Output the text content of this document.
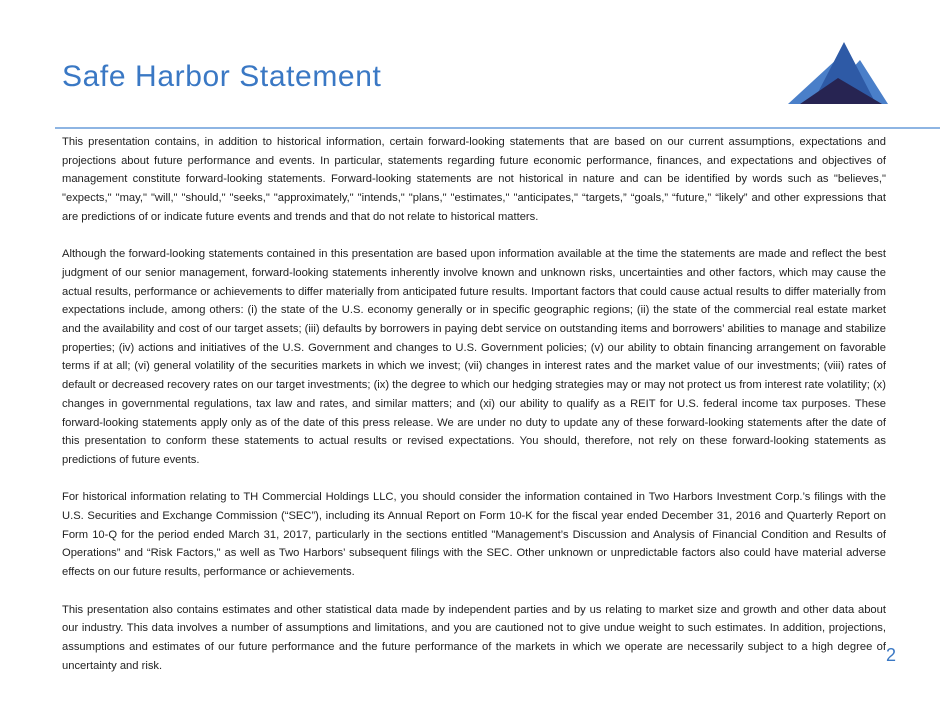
Safe Harbor Statement

This presentation contains, in addition to historical information, certain forward-looking statements that are based on our current assumptions, expectations and projections about future performance and events. In particular, statements regarding future economic performance, finances, and expectations and objectives of management constitute forward-looking statements. Forward-looking statements are not historical in nature and can be identified by words such as "believes," "expects," "may," "will," "should," "seeks," "approximately," "intends," "plans," "estimates," "anticipates," “targets,” “goals,” “future,” “likely” and other expressions that are predictions of or indicate future events and trends and that do not relate to historical matters.

Although the forward-looking statements contained in this presentation are based upon information available at the time the statements are made and reflect the best judgment of our senior management, forward-looking statements inherently involve known and unknown risks, uncertainties and other factors, which may cause the actual results, performance or achievements to differ materially from anticipated future results. Important factors that could cause actual results to differ materially from expectations include, among others: (i) the state of the U.S. economy generally or in specific geographic regions; (ii) the state of the commercial real estate market and the availability and cost of our target assets; (iii) defaults by borrowers in paying debt service on outstanding items and borrowers’ abilities to manage and stabilize properties; (iv) actions and initiatives of the U.S. Government and changes to U.S. Government policies; (v) our ability to obtain financing arrangement on favorable terms if at all; (vi) general volatility of the securities markets in which we invest; (vii) changes in interest rates and the market value of our investments; (viii) rates of default or decreased recovery rates on our target investments; (ix) the degree to which our hedging strategies may or may not protect us from interest rate volatility; (x) changes in governmental regulations, tax law and rates, and similar matters; and (xi) our ability to qualify as a REIT for U.S. federal income tax purposes. These forward-looking statements apply only as of the date of this press release. We are under no duty to update any of these forward-looking statements after the date of this presentation to conform these statements to actual results or revised expectations. You should, therefore, not rely on these forward-looking statements as predictions of future events.

For historical information relating to TH Commercial Holdings LLC, you should consider the information contained in Two Harbors Investment Corp.’s filings with the U.S. Securities and Exchange Commission (“SEC”), including its Annual Report on Form 10-K for the fiscal year ended December 31, 2016 and Quarterly Report on Form 10-Q for the period ended March 31, 2017, particularly in the sections entitled "Management’s Discussion and Analysis of Financial Condition and Results of Operations” and “Risk Factors," as well as Two Harbors’ subsequent filings with the SEC. Other unknown or unpredictable factors also could have material adverse effects on our future results, performance or achievements.

This presentation also contains estimates and other statistical data made by independent parties and by us relating to market size and growth and other data about our industry. This data involves a number of assumptions and limitations, and you are cautioned not to give undue weight to such estimates. In addition, projections, assumptions and estimates of our future performance and the future performance of the markets in which we operate are necessarily subject to a high degree of uncertainty and risk.

2
